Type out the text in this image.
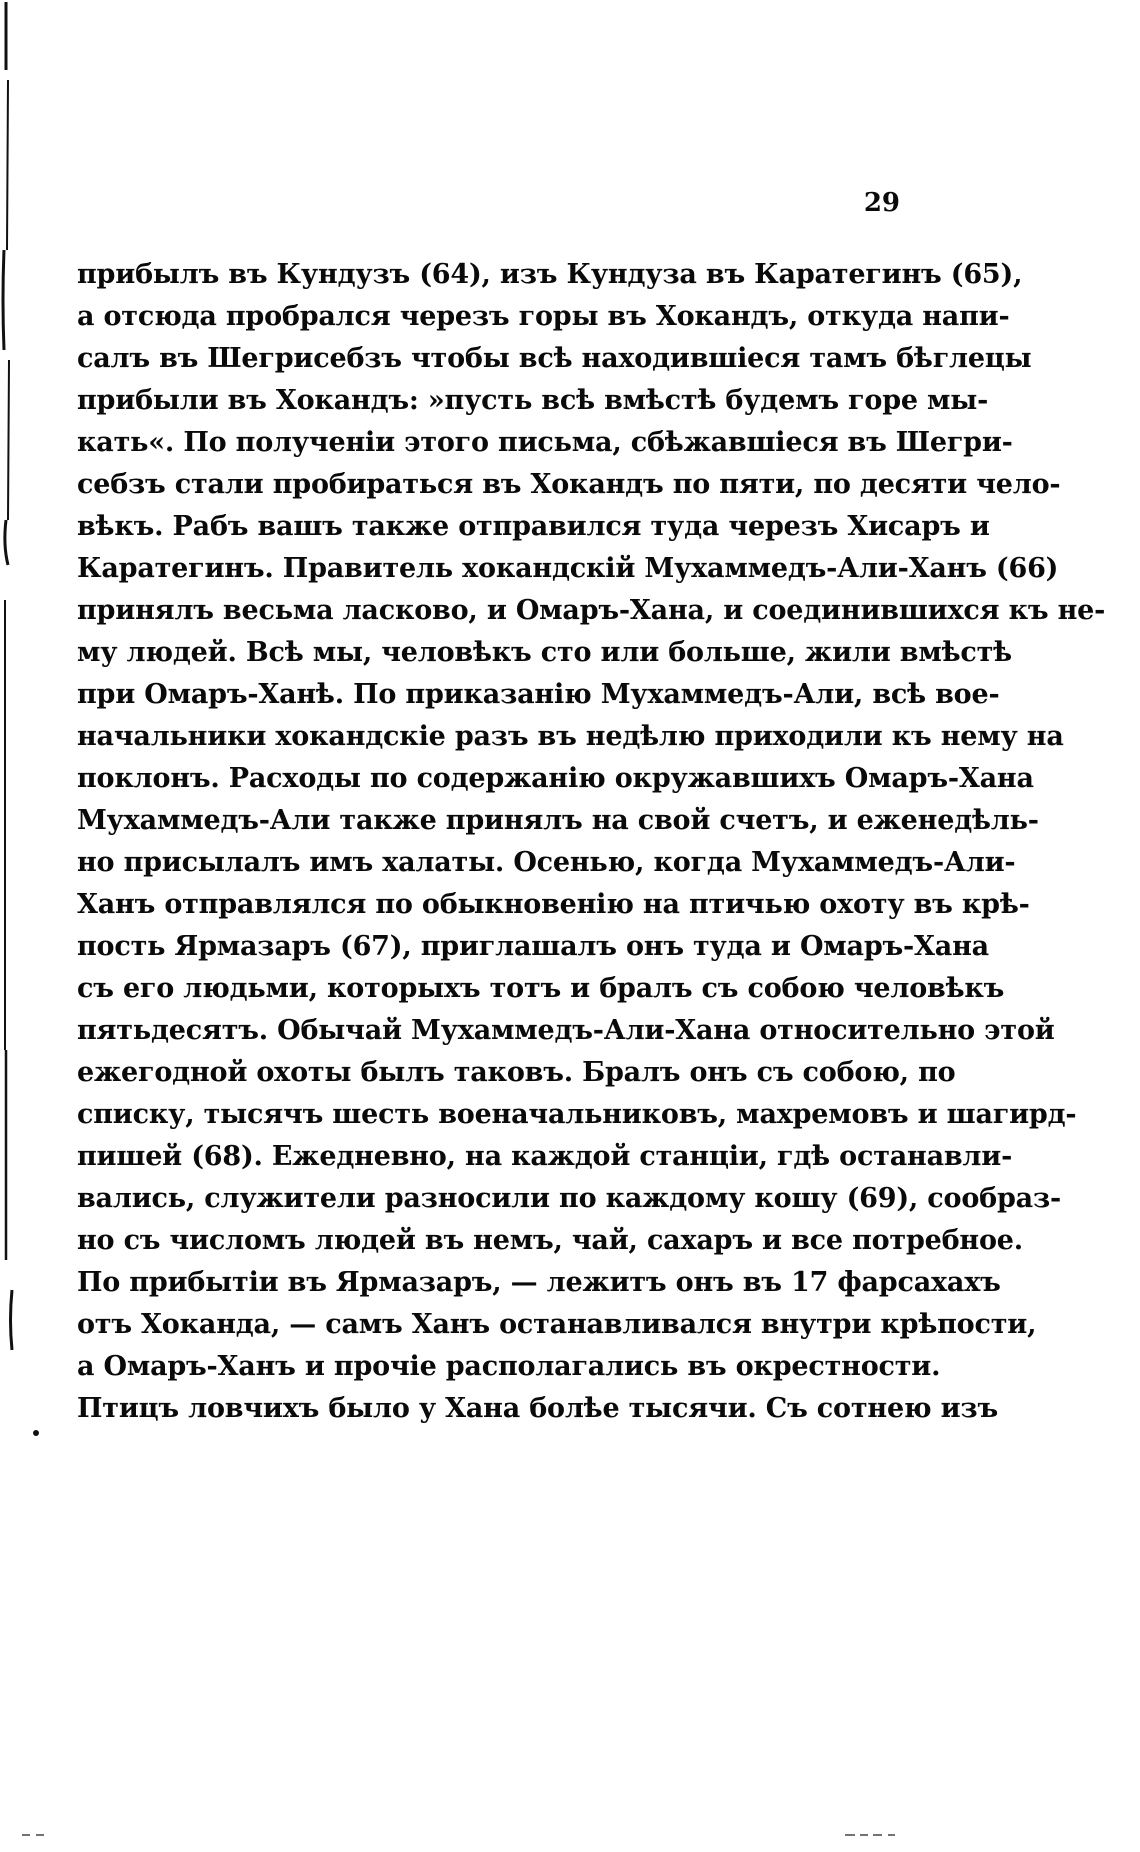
29
прибылъ въ Кундузъ (64), изъ Кундуза въ Каратегинъ (65),
а отсюда пробрался черезъ горы въ Хокандъ, откуда напи-
салъ въ Шегрисебзъ чтобы всѣ находившіеся тамъ бѣглецы
прибыли въ Хокандъ: »пусть всѣ вмѣстѣ будемъ горе мы-
кать«. По полученіи этого письма, сбѣжавшіеся въ Шегри-
себзъ стали пробираться въ Хокандъ по пяти, по десяти чело-
вѣкъ. Рабъ вашъ также отправился туда черезъ Хисаръ и
Каратегинъ. Правитель хокандскій Мухаммедъ-Али-Ханъ (66)
принялъ весьма ласково, и Омаръ-Хана, и соединившихся къ не-
му людей. Всѣ мы, человѣкъ сто или больше, жили вмѣстѣ
при Омаръ-Ханѣ. По приказанію Мухаммедъ-Али, всѣ вое-
начальники хокандскіе разъ въ недѣлю приходили къ нему на
поклонъ. Расходы по содержанію окружавшихъ Омаръ-Хана
Мухаммедъ-Али также принялъ на свой счетъ, и еженедѣль-
но присылалъ имъ халаты. Осенью, когда Мухаммедъ-Али-
Ханъ отправлялся по обыкновенію на птичью охоту въ крѣ-
пость Ярмазаръ (67), приглашалъ онъ туда и Омаръ-Хана
съ его людьми, которыхъ тотъ и бралъ съ собою человѣкъ
пятьдесятъ. Обычай Мухаммедъ-Али-Хана относительно этой
ежегодной охоты былъ таковъ. Бралъ онъ съ собою, по
списку, тысячъ шесть военачальниковъ, махремовъ и шагирд-
пишей (68). Ежедневно, на каждой станціи, гдѣ останавли-
вались, служители разносили по каждому кошу (69), сообраз-
но съ числомъ людей въ немъ, чай, сахаръ и все потребное.
По прибытіи въ Ярмазаръ, — лежитъ онъ въ 17 фарсахахъ
отъ Хоканда, — самъ Ханъ останавливался внутри крѣпости,
а Омаръ-Ханъ и прочіе располагались въ окрестности.
Птицъ ловчихъ было у Хана болѣе тысячи. Съ сотнею изъ
